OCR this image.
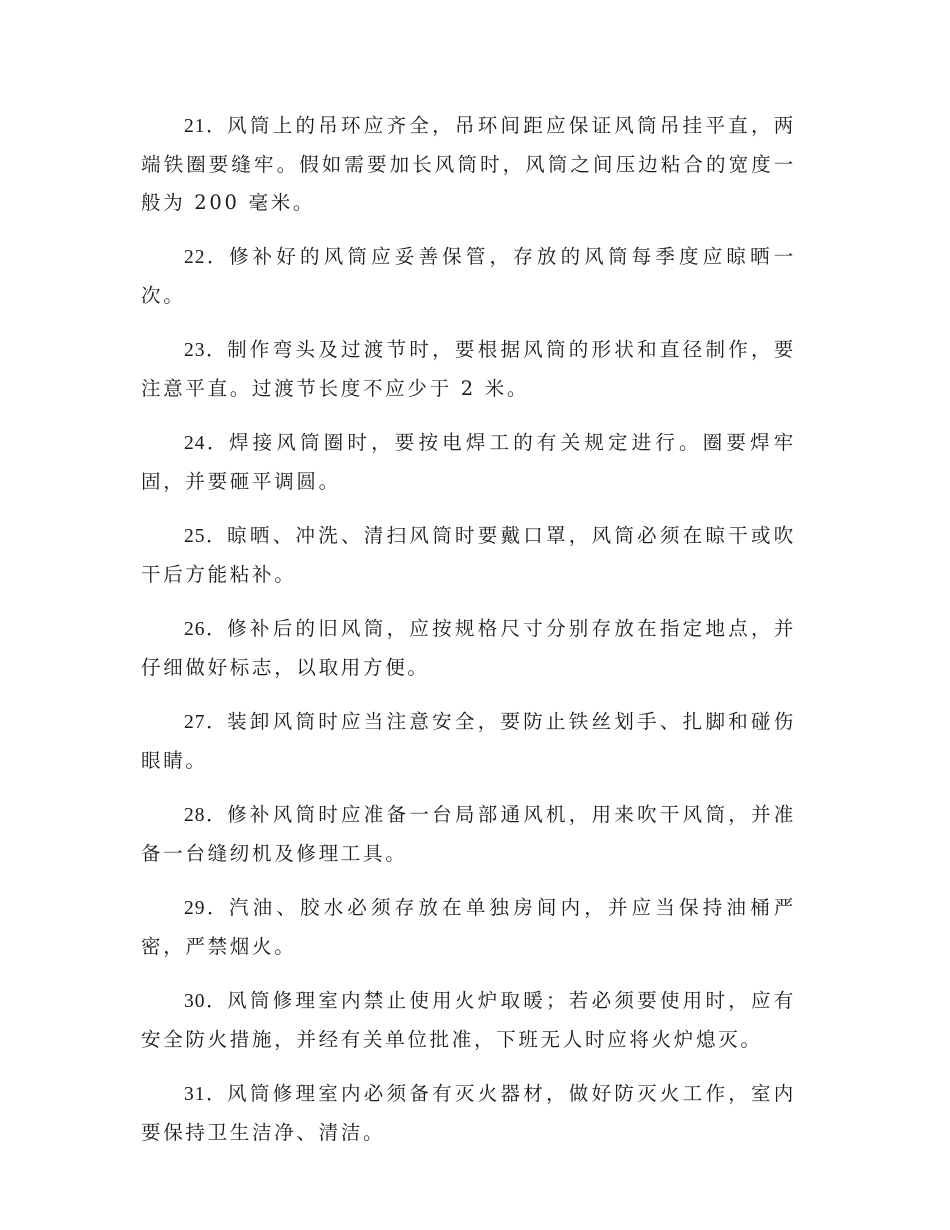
21．风筒上的吊环应齐全，吊环间距应保证风筒吊挂平直，两端铁圈要缝牢。假如需要加长风筒时，风筒之间压边粘合的宽度一般为 200 毫米。

22．修补好的风筒应妥善保管，存放的风筒每季度应晾晒一次。

23．制作弯头及过渡节时，要根据风筒的形状和直径制作，要注意平直。过渡节长度不应少于 2 米。

24．焊接风筒圈时，要按电焊工的有关规定进行。圈要焊牢固，并要砸平调圆。

25．晾晒、冲洗、清扫风筒时要戴口罩，风筒必须在晾干或吹干后方能粘补。

26．修补后的旧风筒，应按规格尺寸分别存放在指定地点，并仔细做好标志，以取用方便。

27．装卸风筒时应当注意安全，要防止铁丝划手、扎脚和碰伤眼睛。

28．修补风筒时应准备一台局部通风机，用来吹干风筒，并准备一台缝纫机及修理工具。

29．汽油、胶水必须存放在单独房间内，并应当保持油桶严密，严禁烟火。

30．风筒修理室内禁止使用火炉取暖；若必须要使用时，应有安全防火措施，并经有关单位批准，下班无人时应将火炉熄灭。

31．风筒修理室内必须备有灭火器材，做好防灭火工作，室内要保持卫生洁净、清洁。
